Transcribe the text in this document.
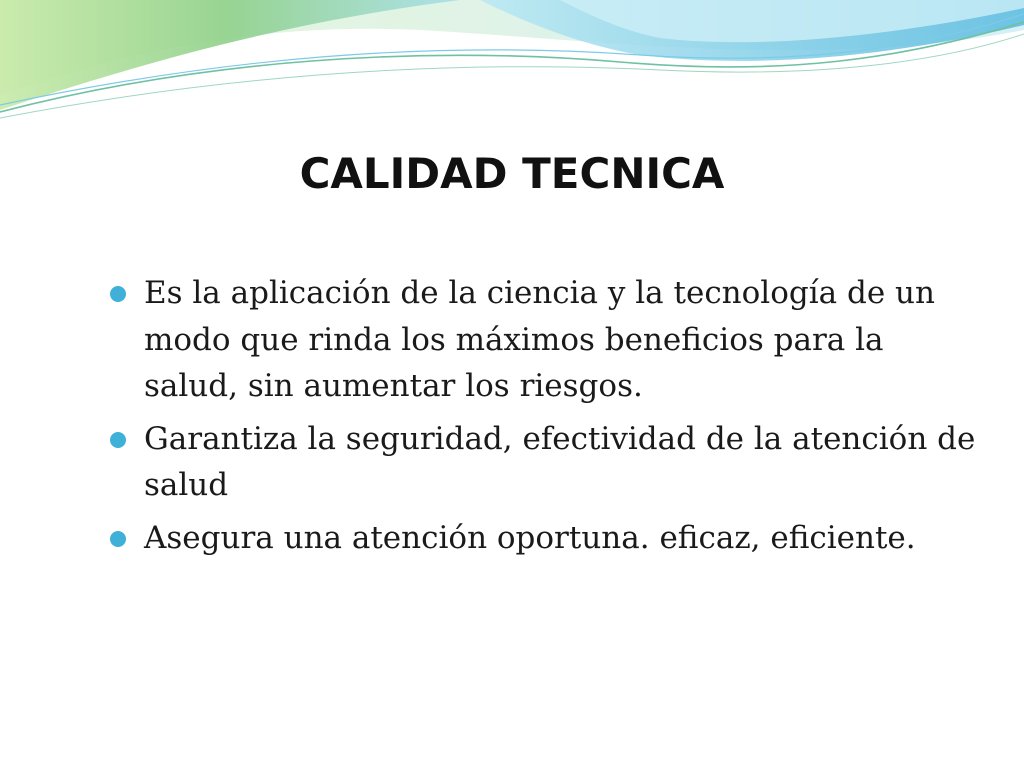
CALIDAD TECNICA
Es la aplicación de la ciencia y la tecnología de un modo que rinda los máximos beneficios para la salud, sin aumentar los riesgos.
Garantiza la seguridad, efectividad de la atención de salud
Asegura una atención oportuna. eficaz, eficiente.
